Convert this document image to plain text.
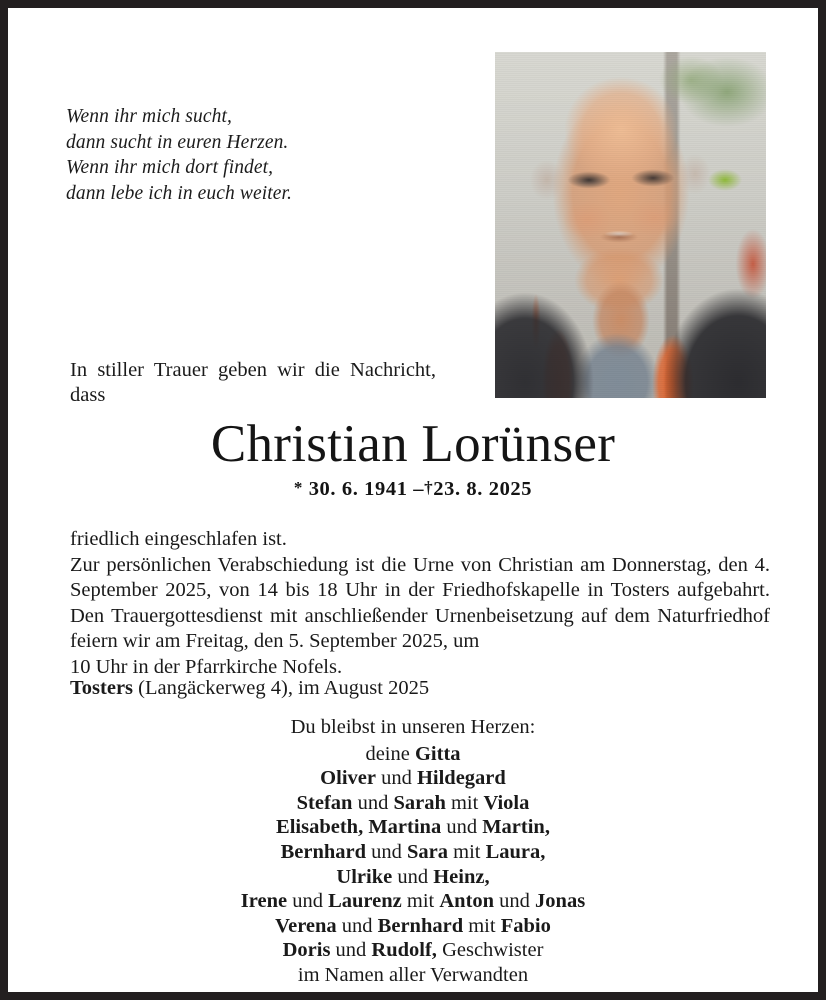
Wenn ihr mich sucht,
dann sucht in euren Herzen.
Wenn ihr mich dort findet,
dann lebe ich in euch weiter.
In stiller Trauer geben wir die Nachricht, dass
Christian Lorünser
* 30. 6. 1941 –†23. 8. 2025
friedlich eingeschlafen ist.
Zur persönlichen Verabschiedung ist die Urne von Christian am Donnerstag, den 4. September 2025, von 14 bis 18 Uhr in der Friedhofskapelle in Tosters aufgebahrt. Den Trauergottesdienst mit anschließender Urnenbeisetzung auf dem Naturfriedhof feiern wir am Freitag, den 5. September 2025, um
10 Uhr in der Pfarrkirche Nofels.
Tosters (Langäckerweg 4), im August 2025
Du bleibst in unseren Herzen:
deine Gitta
Oliver und Hildegard
Stefan und Sarah mit Viola
Elisabeth, Martina und Martin,
Bernhard und Sara mit Laura,
Ulrike und Heinz,
Irene und Laurenz mit Anton und Jonas
Verena und Bernhard mit Fabio
Doris und Rudolf, Geschwister
im Namen aller Verwandten
